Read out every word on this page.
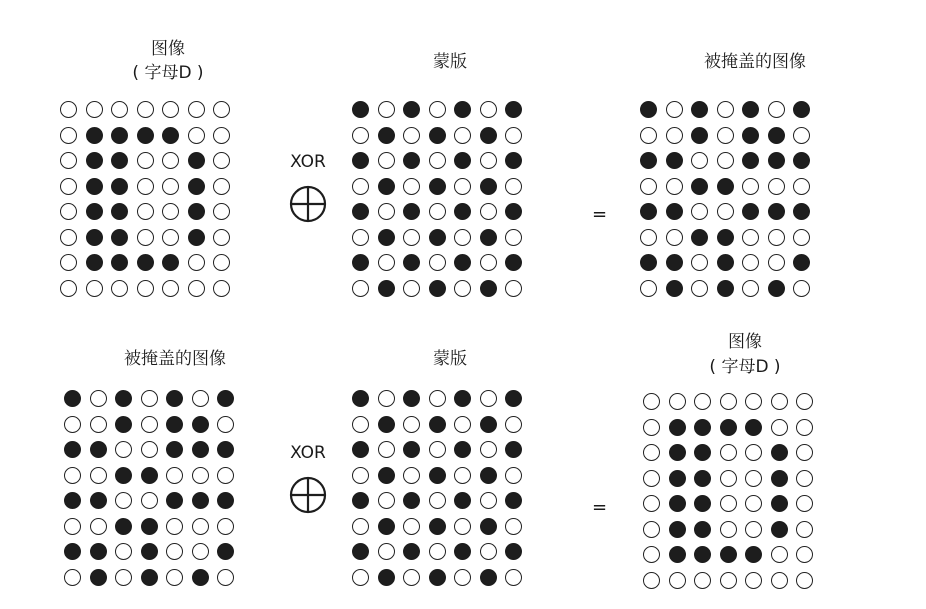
图像
( 字母D )
XOR
蒙版
=
被掩盖的图像
被掩盖的图像
XOR
蒙版
=
图像
( 字母D )
